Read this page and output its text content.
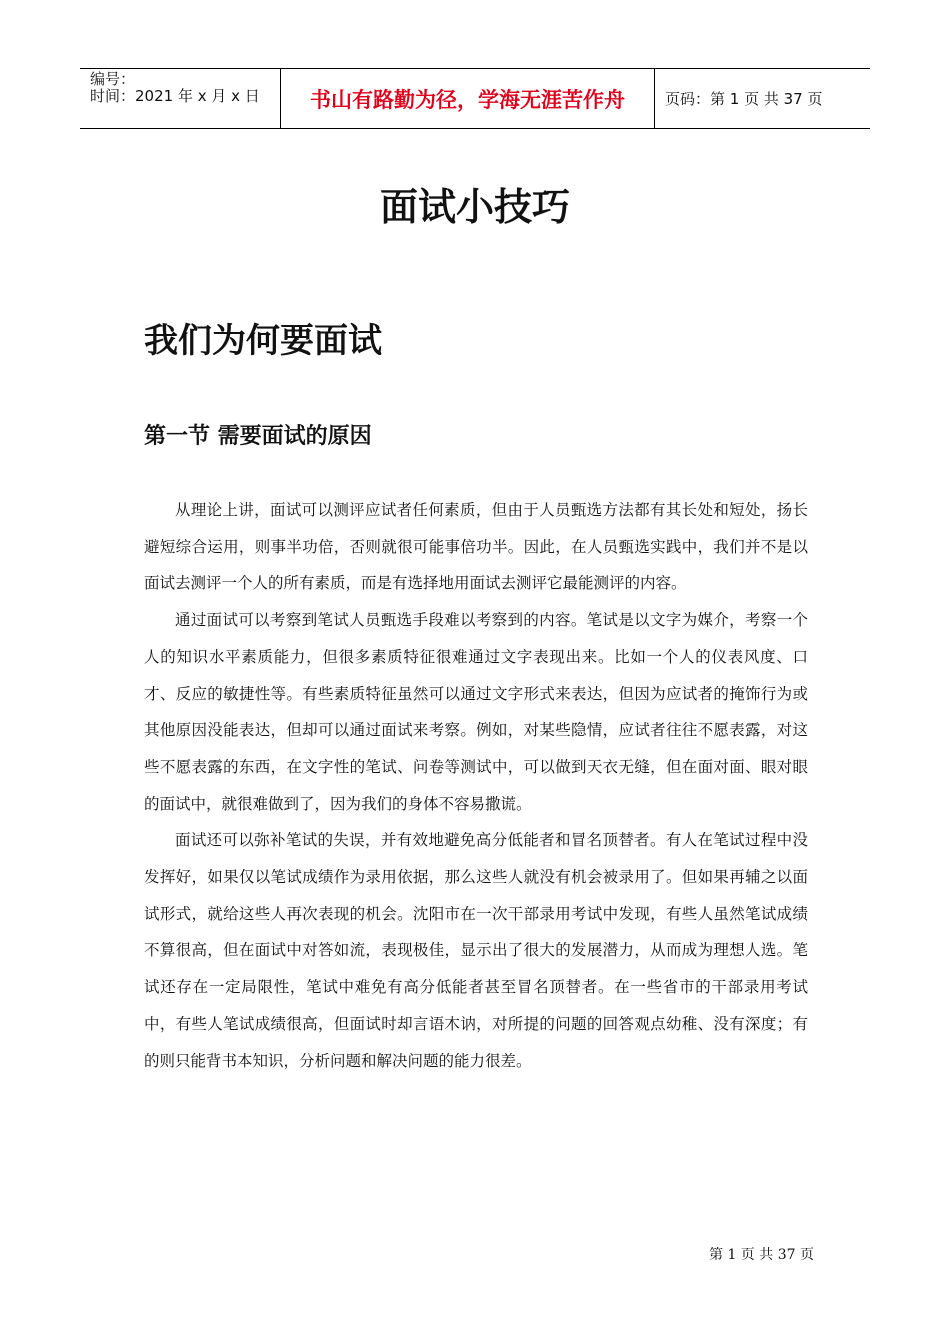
编号：
时间：2021 年 x 月 x 日	书山有路勤为径，学海无涯苦作舟	页码：第 1 页 共 37 页
面试小技巧
我们为何要面试
第一节 需要面试的原因

从理论上讲，面试可以测评应试者任何素质，但由于人员甄选方法都有其长处和短处，扬长避短综合运用，则事半功倍，否则就很可能事倍功半。因此，在人员甄选实践中，我们并不是以面试去测评一个人的所有素质，而是有选择地用面试去测评它最能测评的内容。

通过面试可以考察到笔试人员甄选手段难以考察到的内容。笔试是以文字为媒介，考察一个人的知识水平素质能力，但很多素质特征很难通过文字表现出来。比如一个人的仪表风度、口才、反应的敏捷性等。有些素质特征虽然可以通过文字形式来表达，但因为应试者的掩饰行为或其他原因没能表达，但却可以通过面试来考察。例如，对某些隐情，应试者往往不愿表露，对这些不愿表露的东西，在文字性的笔试、问卷等测试中，可以做到天衣无缝，但在面对面、眼对眼的面试中，就很难做到了，因为我们的身体不容易撒谎。

面试还可以弥补笔试的失误，并有效地避免高分低能者和冒名顶替者。有人在笔试过程中没发挥好，如果仅以笔试成绩作为录用依据，那么这些人就没有机会被录用了。但如果再辅之以面试形式，就给这些人再次表现的机会。沈阳市在一次干部录用考试中发现，有些人虽然笔试成绩不算很高，但在面试中对答如流，表现极佳，显示出了很大的发展潜力，从而成为理想人选。笔试还存在一定局限性，笔试中难免有高分低能者甚至冒名顶替者。在一些省市的干部录用考试中，有些人笔试成绩很高，但面试时却言语木讷，对所提的问题的回答观点幼稚、没有深度；有的则只能背书本知识，分析问题和解决问题的能力很差。

第 1 页 共 37 页
